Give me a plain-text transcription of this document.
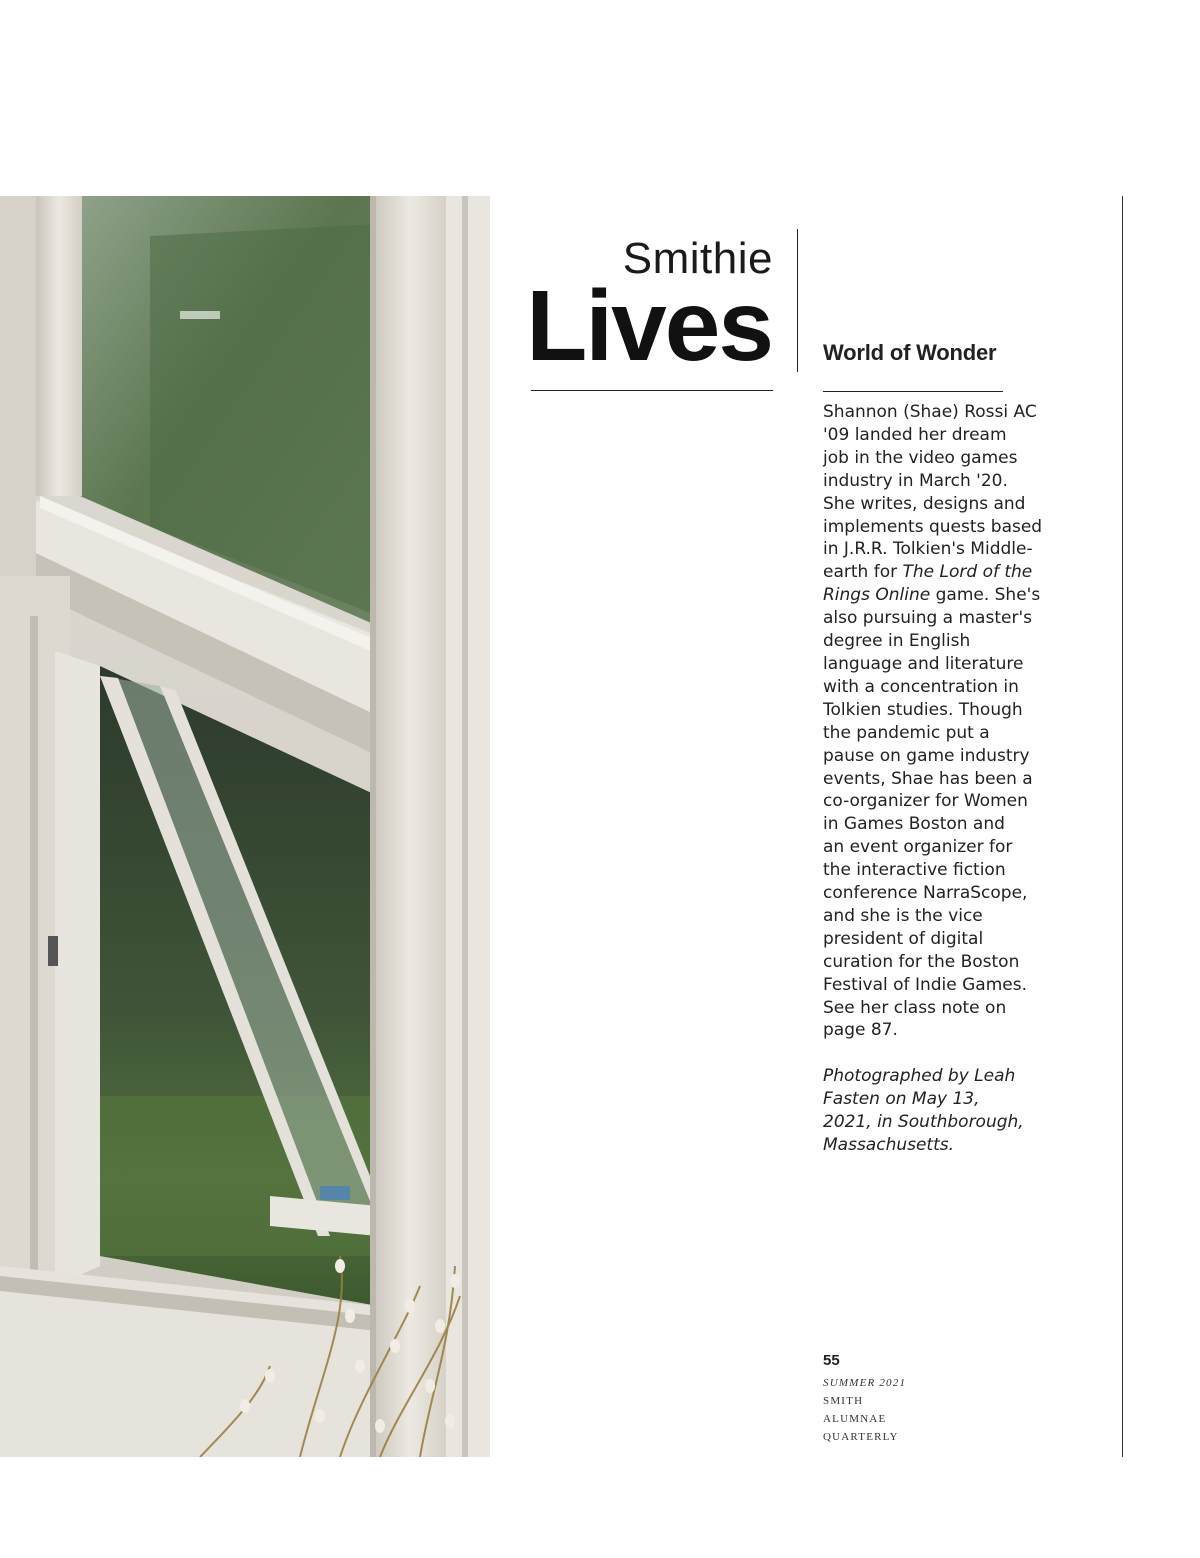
Smithie
Lives World of Wonder

Shannon (Shae) Rossi AC
'09 landed her dream
job in the video games
industry in March '20.
She writes, designs and
implements quests based
in J.R.R. Tolkien's Middle-
earth for The Lord of the
Rings Online game. She's
also pursuing a master's
degree in English
language and literature
with a concentration in
Tolkien studies. Though
the pandemic put a
pause on game industry
events, Shae has been a
co-organizer for Women
in Games Boston and
an event organizer for
the interactive fiction
conference NarraScope,
and she is the vice
president of digital
curation for the Boston
Festival of Indie Games.
See her class note on
page 87.

Photographed by Leah
Fasten on May 13,
2021, in Southborough,
Massachusetts.

55
SUMMER 2021
SMITH
ALUMNAE
QUARTERLY
